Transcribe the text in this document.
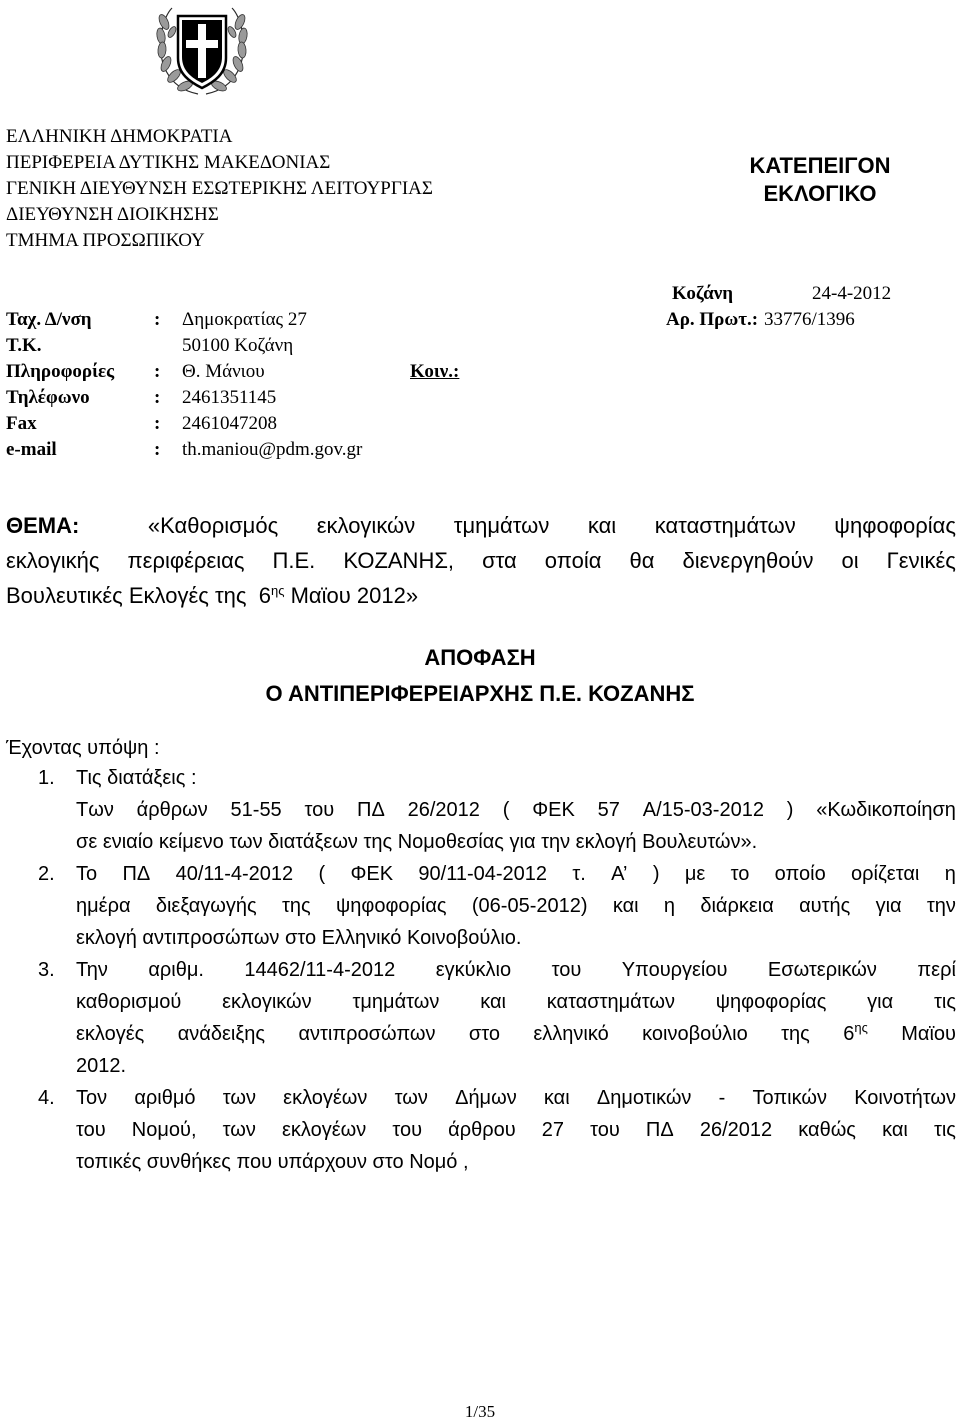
ΕΛΛΗΝΙΚΗ ΔΗΜΟΚΡΑΤΙΑ
ΠΕΡΙΦΕΡΕΙΑ ΔΥΤΙΚΗΣ ΜΑΚΕΔΟΝΙΑΣ
ΓΕΝΙΚΗ ΔΙΕΥΘΥΝΣΗ ΕΣΩΤΕΡΙΚΗΣ ΛΕΙΤΟΥΡΓΙΑΣ
ΔΙΕΥΘΥΝΣΗ ΔΙΟΙΚΗΣΗΣ
ΤΜΗΜΑ ΠΡΟΣΩΠΙΚΟΥ
ΚΑΤΕΠΕΙΓΟΝ
ΕΚΛΟΓΙΚΟ
Κοζάνη	24-4-2012
Αρ. Πρωτ.: 33776/1396
Ταχ. Δ/νση	: Δημοκρατίας 27
Τ.Κ.	50100 Κοζάνη
Πληροφορίες : Θ. Μάνιου	Κοιν.:
Τηλέφωνο	: 2461351145
Fax	: 2461047208
e-mail	: th.maniou@pdm.gov.gr
ΘΕΜΑ:	«Καθορισμός εκλογικών τμημάτων και καταστημάτων ψηφοφορίας
εκλογικής περιφέρειας Π.Ε. ΚΟΖΑΝΗΣ, στα οποία θα διενεργηθούν οι Γενικές
Βουλευτικές Εκλογές της  $6^{\eta\varsigma}$ Μαϊου 2012»
ΑΠΟΦΑΣΗ
Ο ΑΝΤΙΠΕΡΙΦΕΡΕΙΑΡΧΗΣ Π.Ε. ΚΟΖΑΝΗΣ
Έχοντας υπόψη :
1. Τις διατάξεις :
Των άρθρων 51-55 του ΠΔ 26/2012 ( ΦΕΚ 57 Α/15-03-2012 ) «Κωδικοποίηση
σε ενιαίο κείμενο των διατάξεων της Νομοθεσίας για την εκλογή Βουλευτών».
2. Το ΠΔ 40/11-4-2012 ( ΦΕΚ 90/11-04-2012 τ. Α’ ) με το οποίο ορίζεται η
ημέρα διεξαγωγής της ψηφοφορίας (06-05-2012) και η διάρκεια αυτής για την
εκλογή αντιπροσώπων στο Ελληνικό Κοινοβούλιο.
3. Την αριθμ. 14462/11-4-2012 εγκύκλιο του Υπουργείου Εσωτερικών περί
καθορισμού εκλογικών τμημάτων και καταστημάτων ψηφοφορίας για τις
εκλογές ανάδειξης αντιπροσώπων στο ελληνικό κοινοβούλιο της $6^{\eta\varsigma}$ Μαϊου
2012.
4. Τον αριθμό των εκλογέων των Δήμων και Δημοτικών - Τοπικών Κοινοτήτων
του Νομού, των εκλογέων του άρθρου 27 του ΠΔ 26/2012 καθώς και τις
τοπικές συνθήκες που υπάρχουν στο Νομό ,
1/35
